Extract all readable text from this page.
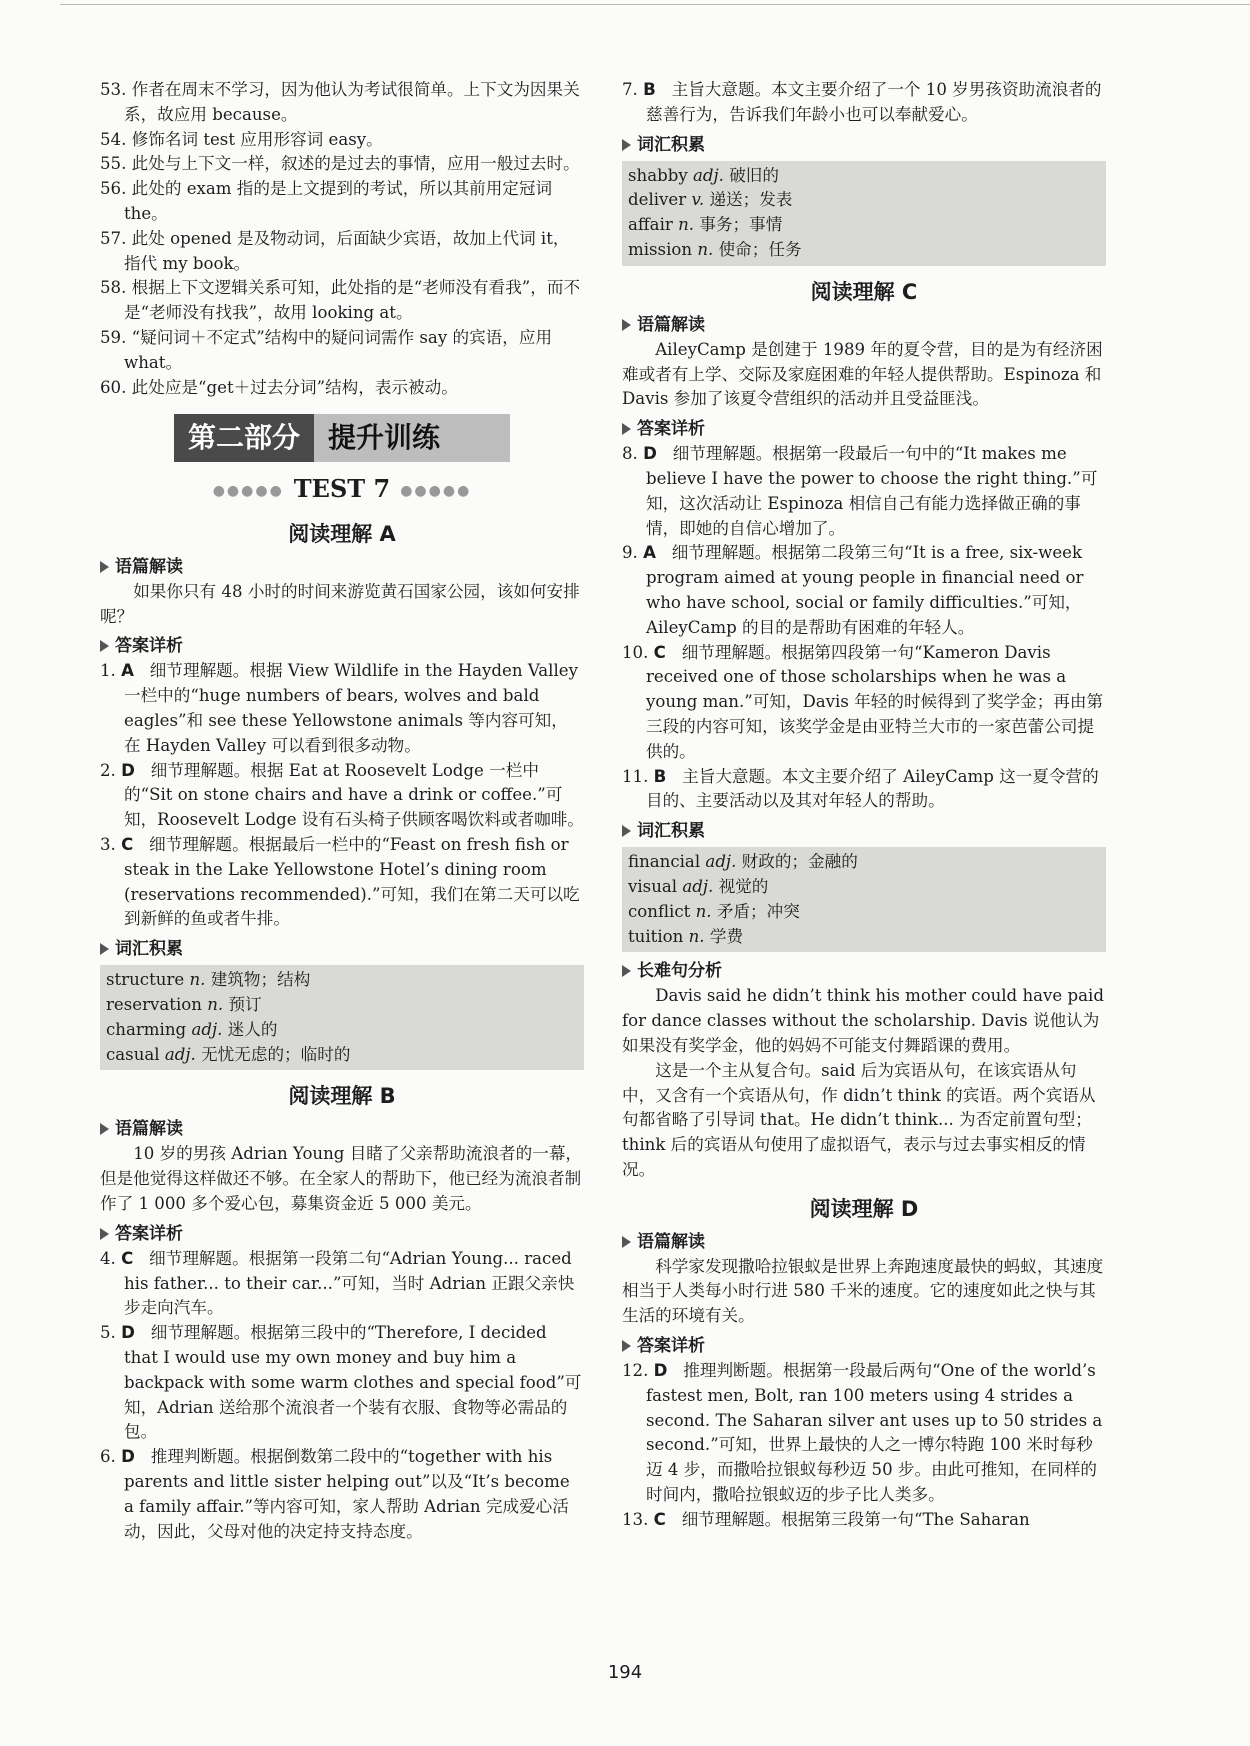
53. 作者在周末不学习，因为他认为考试很简单。上下文为因果关系，故应用 because。

54. 修饰名词 test 应用形容词 easy。

55. 此处与上下文一样，叙述的是过去的事情，应用一般过去时。

56. 此处的 exam 指的是上文提到的考试，所以其前用定冠词 the。

57. 此处 opened 是及物动词，后面缺少宾语，故加上代词 it，指代 my book。

58. 根据上下文逻辑关系可知，此处指的是“老师没有看我”，而不是“老师没有找我”，故用 looking at。

59. “疑问词＋不定式”结构中的疑问词需作 say 的宾语，应用 what。

60. 此处应是“get＋过去分词”结构，表示被动。

第二部分	提升训练
●●●●● TEST 7 ●●●●●
阅读理解 A
语篇解读

如果你只有 48 小时的时间来游览黄石国家公园，该如何安排呢？

答案详析

1. A 细节理解题。根据 View Wildlife in the Hayden Valley 一栏中的“huge numbers of bears, wolves and bald eagles”和 see these Yellowstone animals 等内容可知，在 Hayden Valley 可以看到很多动物。

2. D 细节理解题。根据 Eat at Roosevelt Lodge 一栏中的“Sit on stone chairs and have a drink or coffee.”可知，Roosevelt Lodge 设有石头椅子供顾客喝饮料或者咖啡。

3. C 细节理解题。根据最后一栏中的“Feast on fresh fish or steak in the Lake Yellowstone Hotel’s dining room (reservations recommended).”可知，我们在第二天可以吃到新鲜的鱼或者牛排。

词汇积累

structure n. 建筑物；结构

reservation n. 预订

charming adj. 迷人的

casual adj. 无忧无虑的；临时的

阅读理解 B
语篇解读

10 岁的男孩 Adrian Young 目睹了父亲帮助流浪者的一幕，但是他觉得这样做还不够。在全家人的帮助下，他已经为流浪者制作了 1 000 多个爱心包，募集资金近 5 000 美元。

答案详析

4. C 细节理解题。根据第一段第二句“Adrian Young... raced his father... to their car...”可知，当时 Adrian 正跟父亲快步走向汽车。

5. D 细节理解题。根据第三段中的“Therefore, I decided that I would use my own money and buy him a backpack with some warm clothes and special food”可知，Adrian 送给那个流浪者一个装有衣服、食物等必需品的包。

6. D 推理判断题。根据倒数第二段中的“together with his parents and little sister helping out”以及“It’s become a family affair.”等内容可知，家人帮助 Adrian 完成爱心活动，因此，父母对他的决定持支持态度。

7. B 主旨大意题。本文主要介绍了一个 10 岁男孩资助流浪者的慈善行为，告诉我们年龄小也可以奉献爱心。

词汇积累

shabby adj. 破旧的

deliver v. 递送；发表

affair n. 事务；事情

mission n. 使命；任务

阅读理解 C
语篇解读

AileyCamp 是创建于 1989 年的夏令营，目的是为有经济困难或者有上学、交际及家庭困难的年轻人提供帮助。Espinoza 和 Davis 参加了该夏令营组织的活动并且受益匪浅。

答案详析

8. D 细节理解题。根据第一段最后一句中的“It makes me believe I have the power to choose the right thing.”可知，这次活动让 Espinoza 相信自己有能力选择做正确的事情，即她的自信心增加了。

9. A 细节理解题。根据第二段第三句“It is a free, six-week program aimed at young people in financial need or who have school, social or family difficulties.”可知，AileyCamp 的目的是帮助有困难的年轻人。

10. C 细节理解题。根据第四段第一句“Kameron Davis received one of those scholarships when he was a young man.”可知，Davis 年轻的时候得到了奖学金；再由第三段的内容可知，该奖学金是由亚特兰大市的一家芭蕾公司提供的。

11. B 主旨大意题。本文主要介绍了 AileyCamp 这一夏令营的目的、主要活动以及其对年轻人的帮助。

词汇积累

financial adj. 财政的；金融的

visual adj. 视觉的

conflict n. 矛盾；冲突

tuition n. 学费

长难句分析

Davis said he didn’t think his mother could have paid for dance classes without the scholarship. Davis 说他认为如果没有奖学金，他的妈妈不可能支付舞蹈课的费用。

这是一个主从复合句。said 后为宾语从句，在该宾语从句中，又含有一个宾语从句，作 didn’t think 的宾语。两个宾语从句都省略了引导词 that。He didn’t think... 为否定前置句型；think 后的宾语从句使用了虚拟语气，表示与过去事实相反的情况。

阅读理解 D
语篇解读

科学家发现撒哈拉银蚁是世界上奔跑速度最快的蚂蚁，其速度相当于人类每小时行进 580 千米的速度。它的速度如此之快与其生活的环境有关。

答案详析

12. D 推理判断题。根据第一段最后两句“One of the world’s fastest men, Bolt, ran 100 meters using 4 strides a second. The Saharan silver ant uses up to 50 strides a second.”可知，世界上最快的人之一博尔特跑 100 米时每秒迈 4 步，而撒哈拉银蚁每秒迈 50 步。由此可推知，在同样的时间内，撒哈拉银蚁迈的步子比人类多。

13. C 细节理解题。根据第三段第一句“The Saharan

194
